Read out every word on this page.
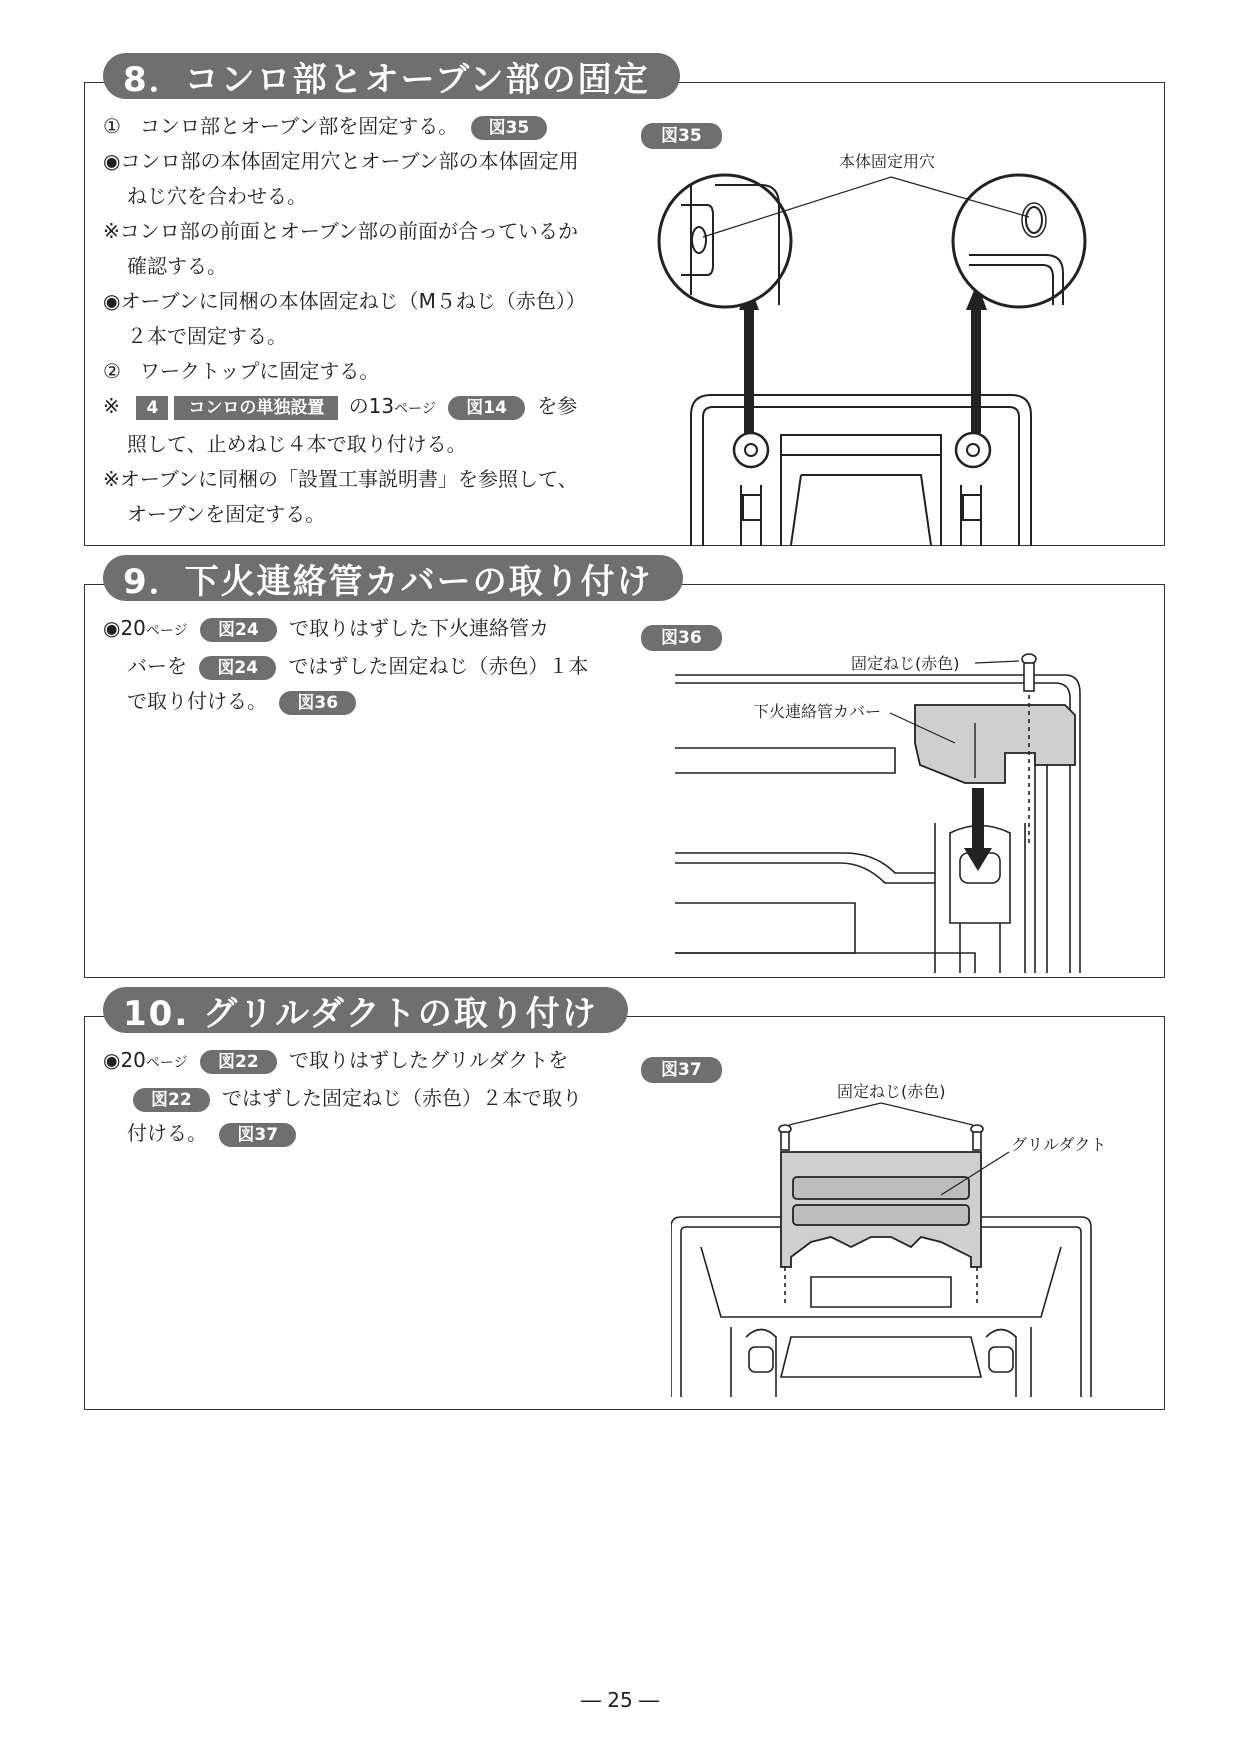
8．コンロ部とオーブン部の固定
① コンロ部とオーブン部を固定する。 図35
◉コンロ部の本体固定用穴とオーブン部の本体固定用
ねじ穴を合わせる。
※コンロ部の前面とオーブン部の前面が合っているか
確認する。
◉オーブンに同梱の本体固定ねじ（M５ねじ（赤色））
２本で固定する。
② ワークトップに固定する。
※ 4 コンロの単独設置 の13ページ 図14 を参
照して、止めねじ４本で取り付ける。
※オーブンに同梱の「設置工事説明書」を参照して、
オーブンを固定する。
図35
本体固定用穴
9．下火連絡管カバーの取り付け
◉20ページ 図24 で取りはずした下火連絡管カ
バーを 図24 ではずした固定ねじ（赤色）１本
で取り付ける。 図36
図36
固定ねじ(赤色)
下火連絡管カバー
10. グリルダクトの取り付け
◉20ページ 図22 で取りはずしたグリルダクトを
図22 ではずした固定ねじ（赤色）２本で取り
付ける。 図37
図37
固定ねじ(赤色)
グリルダクト
― 25 ―
